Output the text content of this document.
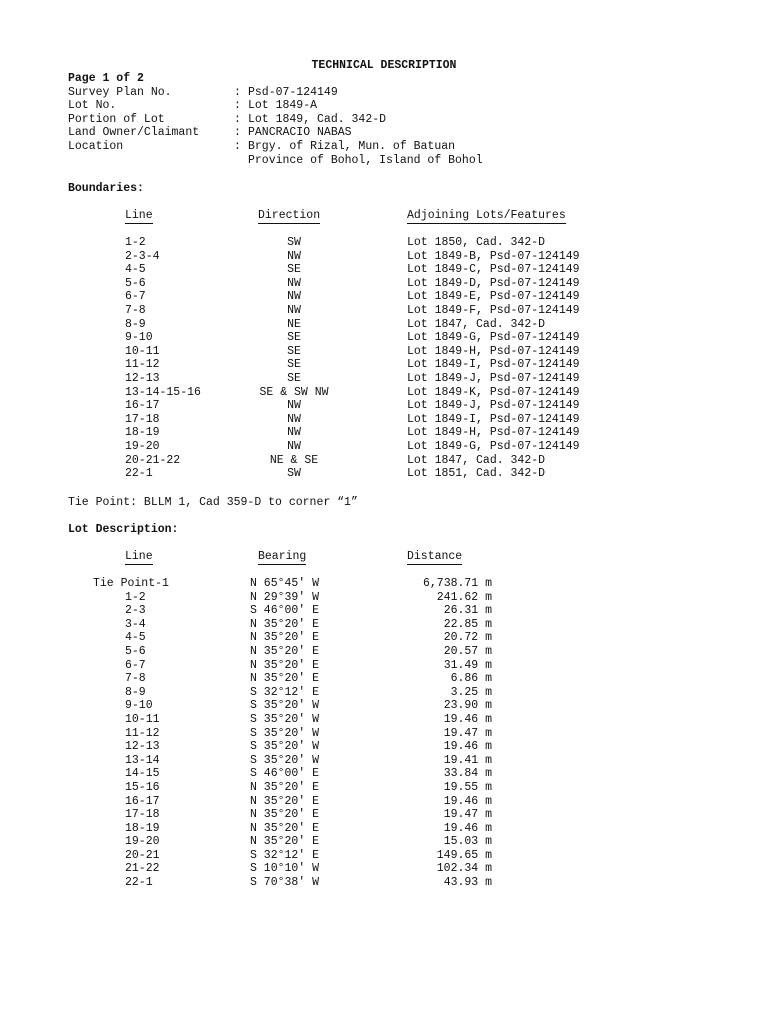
TECHNICAL DESCRIPTION
Page 1 of 2
Survey Plan No.	: Psd-07-124149
Lot No.	: Lot 1849-A
Portion of Lot	: Lot 1849, Cad. 342-D
Land Owner/Claimant	: PANCRACIO NABAS
Location	: Brgy. of Rizal, Mun. of Batuan
Province of Bohol, Island of Bohol
Boundaries:
Line	Direction	Adjoining Lots/Features
1-2	SW	Lot 1850, Cad. 342-D
2-3-4	NW	Lot 1849-B, Psd-07-124149
4-5	SE	Lot 1849-C, Psd-07-124149
5-6	NW	Lot 1849-D, Psd-07-124149
6-7	NW	Lot 1849-E, Psd-07-124149
7-8	NW	Lot 1849-F, Psd-07-124149
8-9	NE	Lot 1847, Cad. 342-D
9-10	SE	Lot 1849-G, Psd-07-124149
10-11	SE	Lot 1849-H, Psd-07-124149
11-12	SE	Lot 1849-I, Psd-07-124149
12-13	SE	Lot 1849-J, Psd-07-124149
13-14-15-16	SE & SW NW	Lot 1849-K, Psd-07-124149
16-17	NW	Lot 1849-J, Psd-07-124149
17-18	NW	Lot 1849-I, Psd-07-124149
18-19	NW	Lot 1849-H, Psd-07-124149
19-20	NW	Lot 1849-G, Psd-07-124149
20-21-22	NE & SE	Lot 1847, Cad. 342-D
22-1	SW	Lot 1851, Cad. 342-D
Tie Point: BLLM 1, Cad 359-D to corner “1”
Lot Description:
Line	Bearing	Distance
Tie Point-1	N 65°45' W	6,738.71 m
1-2	N 29°39' W	241.62 m
2-3	S 46°00' E	26.31 m
3-4	N 35°20' E	22.85 m
4-5	N 35°20' E	20.72 m
5-6	N 35°20' E	20.57 m
6-7	N 35°20' E	31.49 m
7-8	N 35°20' E	6.86 m
8-9	S 32°12' E	3.25 m
9-10	S 35°20' W	23.90 m
10-11	S 35°20' W	19.46 m
11-12	S 35°20' W	19.47 m
12-13	S 35°20' W	19.46 m
13-14	S 35°20' W	19.41 m
14-15	S 46°00' E	33.84 m
15-16	N 35°20' E	19.55 m
16-17	N 35°20' E	19.46 m
17-18	N 35°20' E	19.47 m
18-19	N 35°20' E	19.46 m
19-20	N 35°20' E	15.03 m
20-21	S 32°12' E	149.65 m
21-22	S 10°10' W	102.34 m
22-1	S 70°38' W	43.93 m
